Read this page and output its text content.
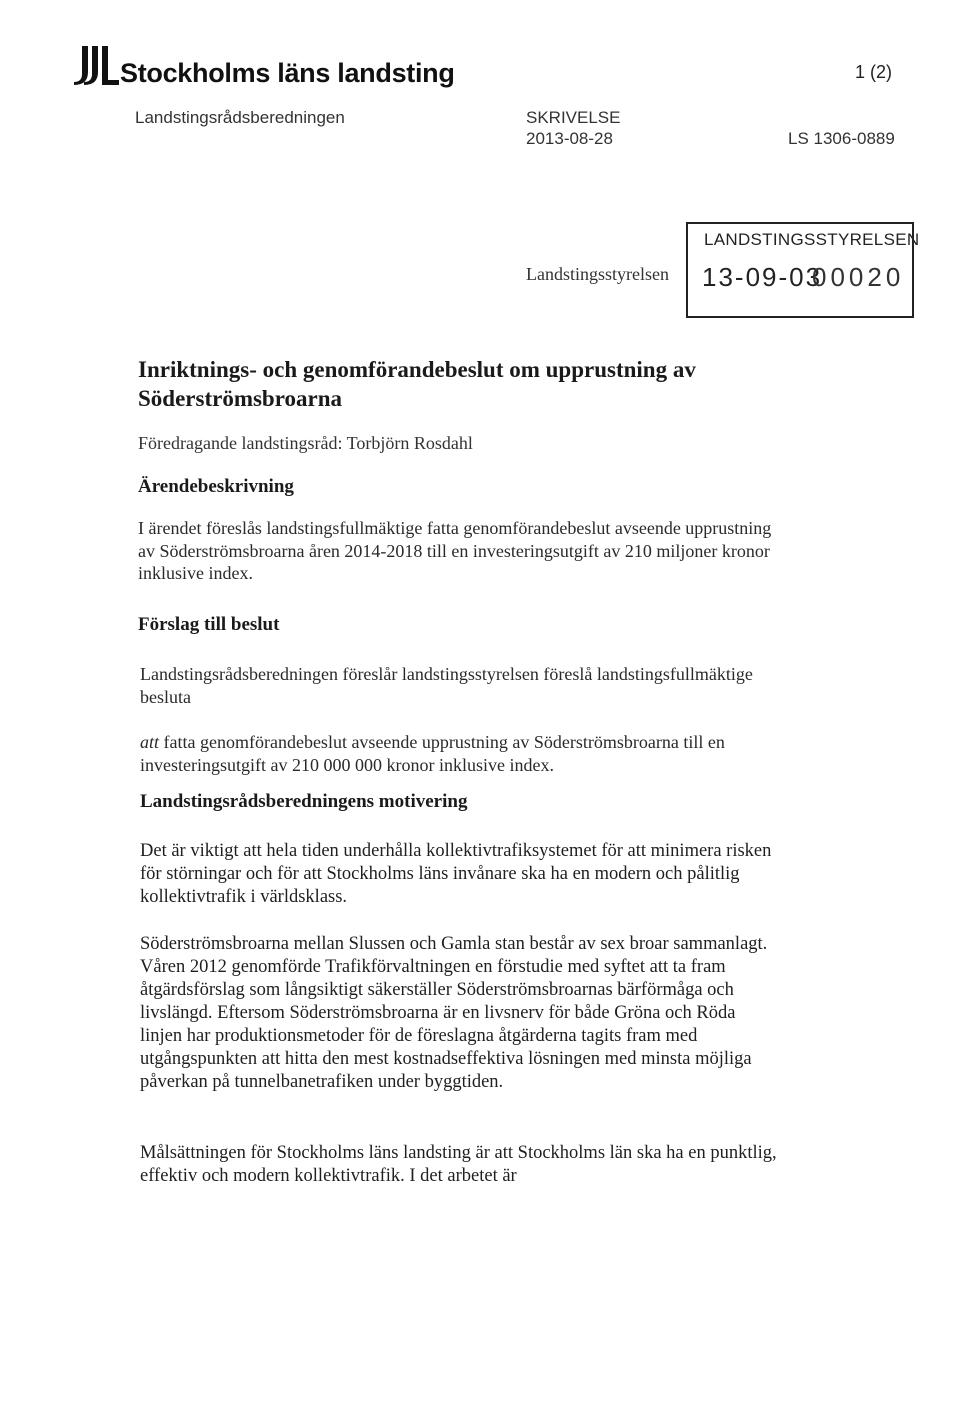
Stockholms läns landsting	1 (2)
Landstingsrådsberedningen	SKRIVELSE
2013-08-28	LS 1306-0889
Landstingsstyrelsen
LANDSTINGSSTYRELSEN
13-09-03
00020
Inriktnings- och genomförandebeslut om upprustning av Söderströmsbroarna
Föredragande landstingsråd: Torbjörn Rosdahl
Ärendebeskrivning
I ärendet föreslås landstingsfullmäktige fatta genomförandebeslut avseende upprustning av Söderströmsbroarna åren 2014-2018 till en investeringsutgift av 210 miljoner kronor inklusive index.
Förslag till beslut
Landstingsrådsberedningen föreslår landstingsstyrelsen föreslå landstingsfullmäktige besluta
att fatta genomförandebeslut avseende upprustning av Söderströmsbroarna till en investeringsutgift av 210 000 000 kronor inklusive index.
Landstingsrådsberedningens motivering
Det är viktigt att hela tiden underhålla kollektivtrafiksystemet för att minimera risken för störningar och för att Stockholms läns invånare ska ha en modern och pålitlig kollektivtrafik i världsklass.
Söderströmsbroarna mellan Slussen och Gamla stan består av sex broar sammanlagt. Våren 2012 genomförde Trafikförvaltningen en förstudie med syftet att ta fram åtgärdsförslag som långsiktigt säkerställer Söderströmsbroarnas bärförmåga och livslängd. Eftersom Söderströmsbroarna är en livsnerv för både Gröna och Röda linjen har produktionsmetoder för de föreslagna åtgärderna tagits fram med utgångspunkten att hitta den mest kostnadseffektiva lösningen med minsta möjliga påverkan på tunnelbanetrafiken under byggtiden.
Målsättningen för Stockholms läns landsting är att Stockholms län ska ha en punktlig, effektiv och modern kollektivtrafik. I det arbetet är
